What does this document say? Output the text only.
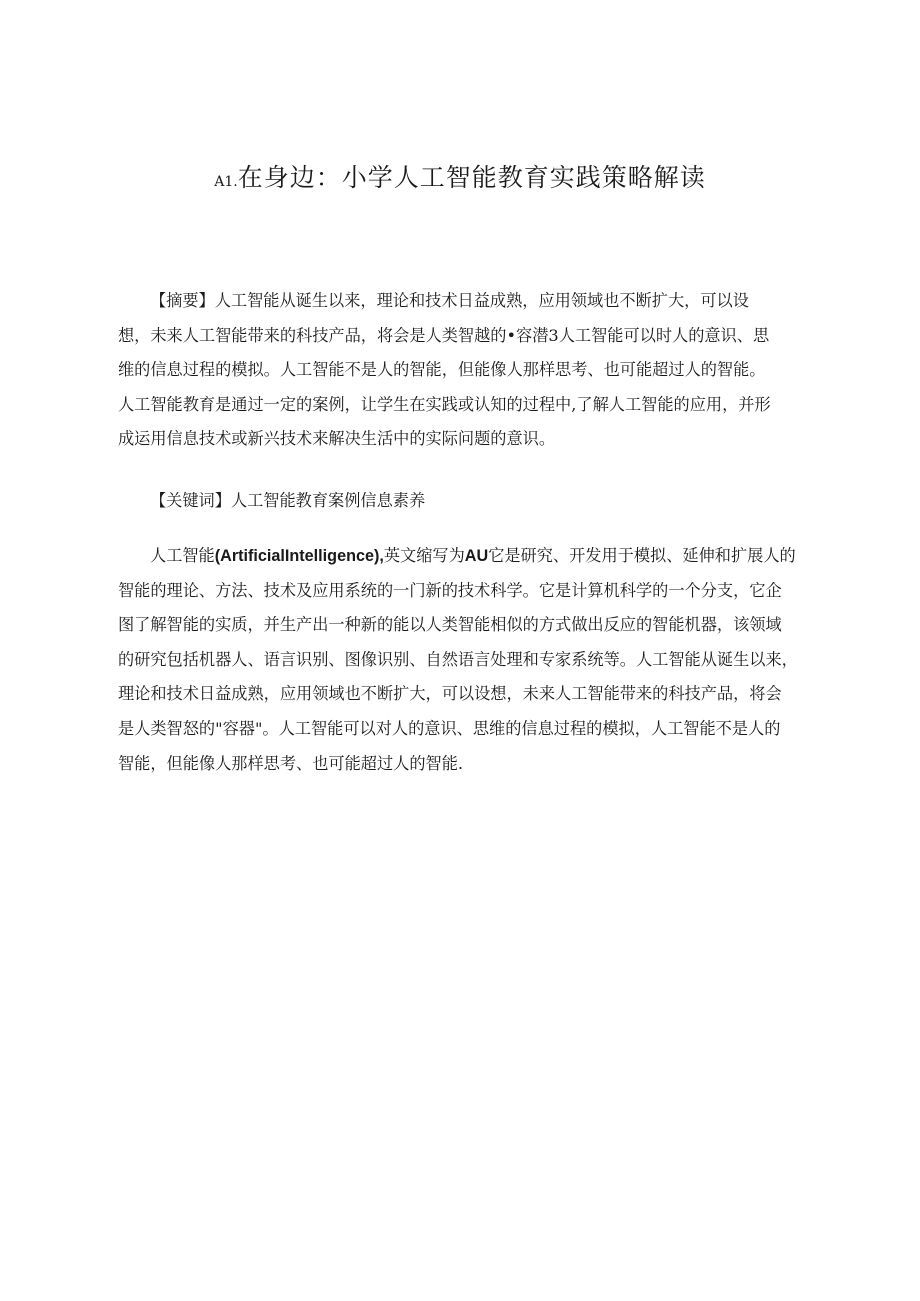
A1.在身边：小学人工智能教育实践策略解读

【摘要】人工智能从诞生以来，理论和技术日益成熟，应用领域也不断扩大，可以设
想，未来人工智能带来的科技产品，将会是人类智越的•容潜3人工智能可以时人的意识、思
维的信息过程的模拟。人工智能不是人的智能，但能像人那样思考、也可能超过人的智能。
人工智能教育是通过一定的案例，让学生在实践或认知的过程中,了解人工智能的应用，并形
成运用信息技术或新兴技术来解决生活中的实际问题的意识。

【关键词】人工智能教育案例信息素养

人工智能(ArtificialIntelligence),英文缩写为AU它是研究、开发用于模拟、延伸和扩展人的
智能的理论、方法、技术及应用系统的一门新的技术科学。它是计算机科学的一个分支，它企
图了解智能的实质，并生产出一种新的能以人类智能相似的方式做出反应的智能机器，该领域
的研究包括机器人、语言识别、图像识别、自然语言处理和专家系统等。人工智能从诞生以来，
理论和技术日益成熟，应用领域也不断扩大，可以设想，未来人工智能带来的科技产品，将会
是人类智怒的"容器"。人工智能可以对人的意识、思维的信息过程的模拟，人工智能不是人的
智能，但能像人那样思考、也可能超过人的智能.
